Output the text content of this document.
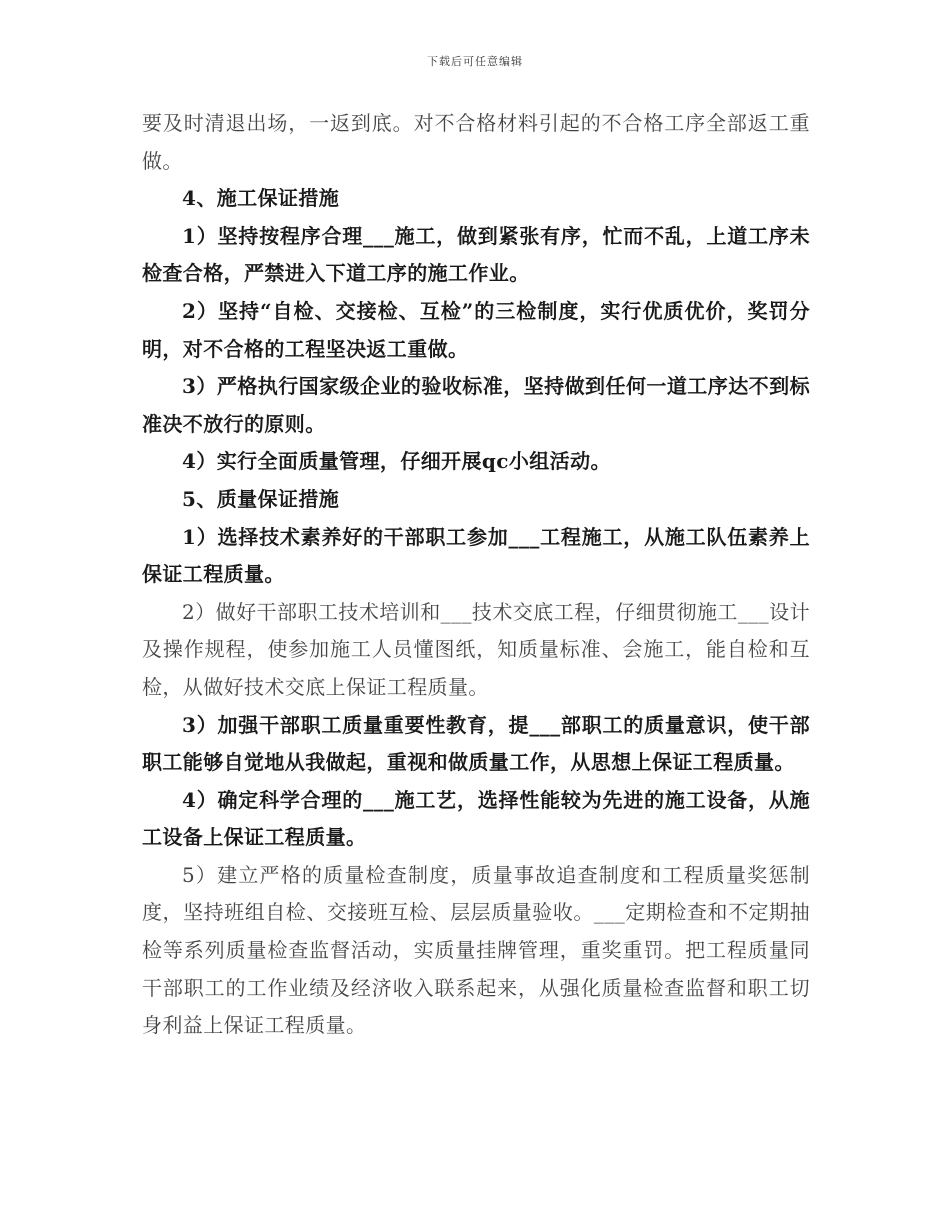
下载后可任意编辑

要及时清退出场，一返到底。对不合格材料引起的不合格工序全部返工重做。

4、施工保证措施

1）坚持按程序合理___施工，做到紧张有序，忙而不乱，上道工序未检查合格，严禁进入下道工序的施工作业。

2）坚持“自检、交接检、互检”的三检制度，实行优质优价，奖罚分明，对不合格的工程坚决返工重做。

3）严格执行国家级企业的验收标准，坚持做到任何一道工序达不到标准决不放行的原则。

4）实行全面质量管理，仔细开展qc小组活动。

5、质量保证措施

1）选择技术素养好的干部职工参加___工程施工，从施工队伍素养上保证工程质量。

2）做好干部职工技术培训和___技术交底工程，仔细贯彻施工___设计及操作规程，使参加施工人员懂图纸，知质量标准、会施工，能自检和互检，从做好技术交底上保证工程质量。

3）加强干部职工质量重要性教育，提___部职工的质量意识，使干部职工能够自觉地从我做起，重视和做质量工作，从思想上保证工程质量。

4）确定科学合理的___施工艺，选择性能较为先进的施工设备，从施工设备上保证工程质量。

5）建立严格的质量检查制度，质量事故追查制度和工程质量奖惩制度，坚持班组自检、交接班互检、层层质量验收。___定期检查和不定期抽检等系列质量检查监督活动，实质量挂牌管理，重奖重罚。把工程质量同干部职工的工作业绩及经济收入联系起来，从强化质量检查监督和职工切身利益上保证工程质量。
